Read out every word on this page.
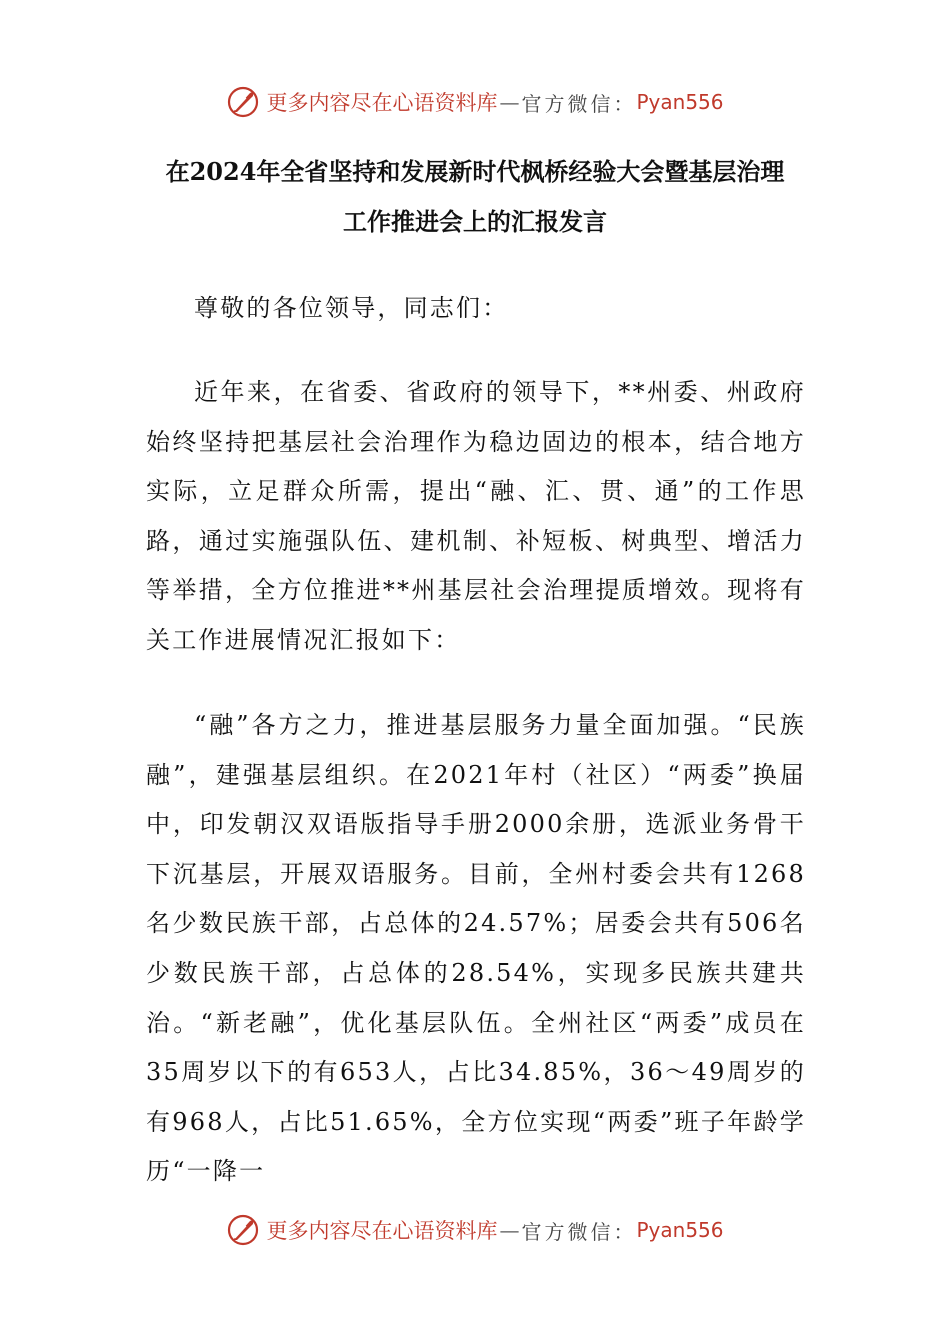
更多内容尽在心语资料库 — 官方微信： Pyan556
在2024年全省坚持和发展新时代枫桥经验大会暨基层治理
工作推进会上的汇报发言

尊敬的各位领导，同志们：

近年来，在省委、省政府的领导下，**州委、州政府始终坚持把基层社会治理作为稳边固边的根本，结合地方实际，立足群众所需，提出“融、汇、贯、通”的工作思路，通过实施强队伍、建机制、补短板、树典型、增活力等举措，全方位推进**州基层社会治理提质增效。现将有关工作进展情况汇报如下：

“融”各方之力，推进基层服务力量全面加强。“民族融”，建强基层组织。在2021年村（社区）“两委”换届中，印发朝汉双语版指导手册2000余册，选派业务骨干下沉基层，开展双语服务。目前，全州村委会共有1268名少数民族干部，占总体的24.57%；居委会共有506名少数民族干部，占总体的28.54%，实现多民族共建共治。“新老融”，优化基层队伍。全州社区“两委”成员在35周岁以下的有653人，占比34.85%，36～49周岁的有968人，占比51.65%，全方位实现“两委”班子年龄学历“一降一

更多内容尽在心语资料库 — 官方微信： Pyan556
